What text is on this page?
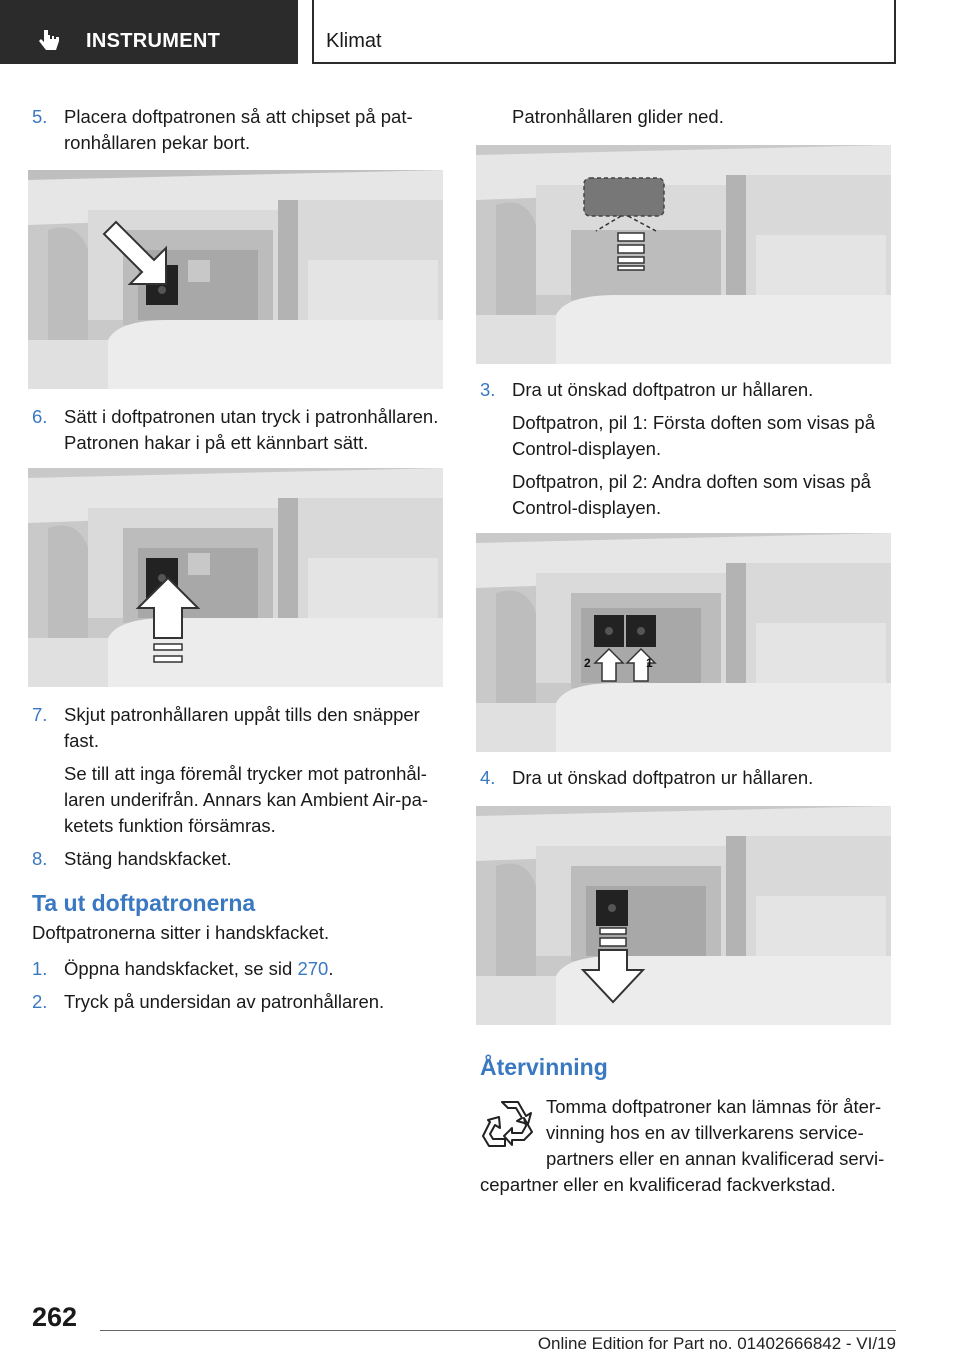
INSTRUMENT	Klimat
5. Placera doftpatronen så att chipset på pat-
ronhållaren pekar bort.

6. Sätt i doftpatronen utan tryck i patronhållaren.
Patronen hakar i på ett kännbart sätt.

7. Skjut patronhållaren uppåt tills den snäpper
fast.

Se till att inga föremål trycker mot patronhål-
laren underifrån. Annars kan Ambient Air-pa-
ketets funktion försämras.

8. Stäng handskfacket.

Ta ut doftpatronerna
Doftpatronerna sitter i handskfacket.
1. Öppna handskfacket, se sid 270.

2. Tryck på undersidan av patronhållaren.

Patronhållaren glider ned.

3. Dra ut önskad doftpatron ur hållaren.

Doftpatron, pil 1: Första doften som visas på
Control-displayen.

Doftpatron, pil 2: Andra doften som visas på
Control-displayen.

2	1
4. Dra ut önskad doftpatron ur hållaren.

Återvinning
Tomma doftpatroner kan lämnas för åter-
vinning hos en av tillverkarens service-
partners eller en annan kvalificerad servi-
cepartner eller en kvalificerad fackverkstad.
262
Online Edition for Part no. 01402666842 - VI/19
